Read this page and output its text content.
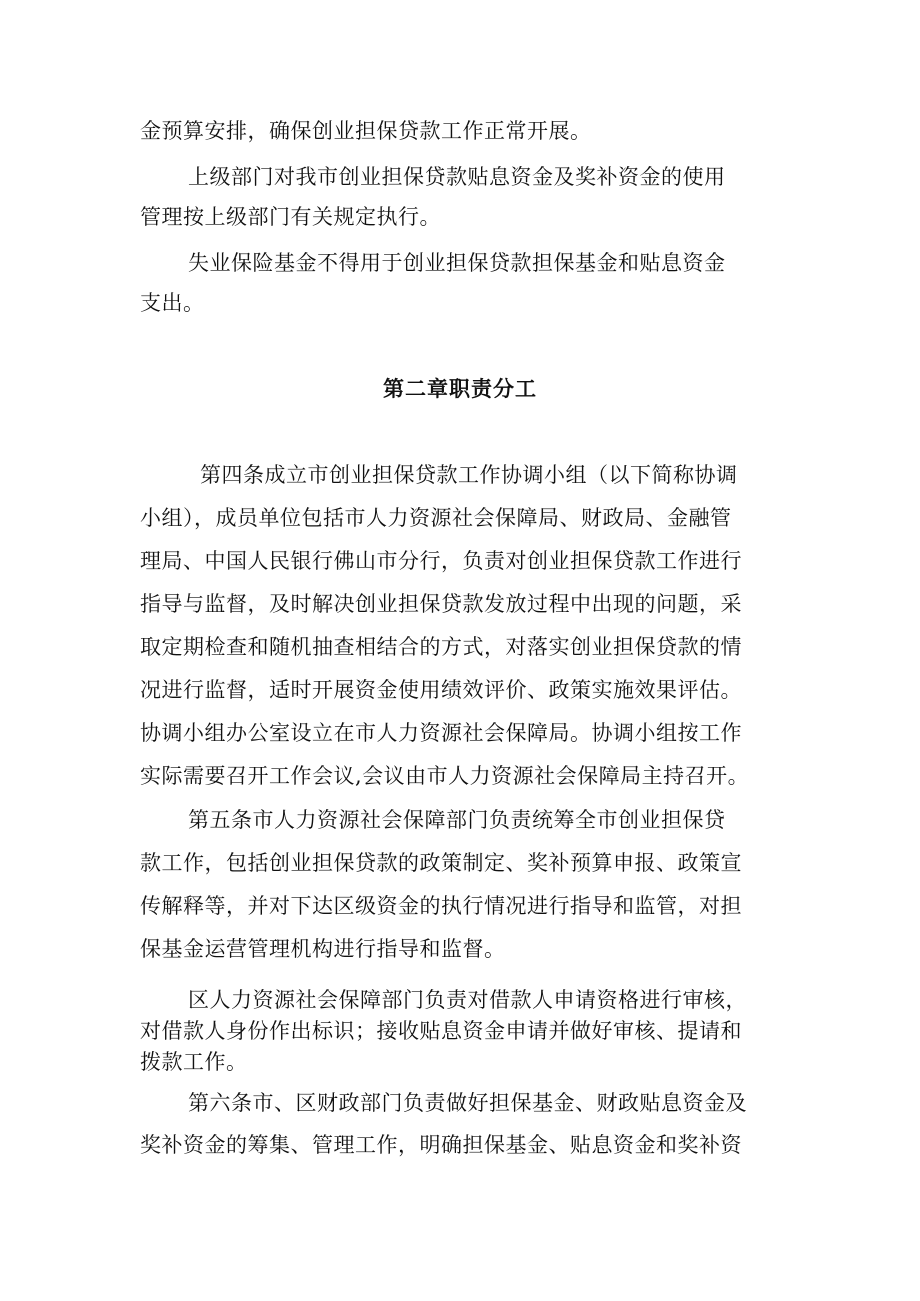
金预算安排，确保创业担保贷款工作正常开展。

上级部门对我市创业担保贷款贴息资金及奖补资金的使用

管理按上级部门有关规定执行。

失业保险基金不得用于创业担保贷款担保基金和贴息资金

支出。

第二章职责分工

第四条成立市创业担保贷款工作协调小组（以下简称协调

小组），成员单位包括市人力资源社会保障局、财政局、金融管

理局、中国人民银行佛山市分行，负责对创业担保贷款工作进行

指导与监督，及时解决创业担保贷款发放过程中出现的问题，采

取定期检查和随机抽查相结合的方式，对落实创业担保贷款的情

况进行监督，适时开展资金使用绩效评价、政策实施效果评估。

协调小组办公室设立在市人力资源社会保障局。协调小组按工作

实际需要召开工作会议,会议由市人力资源社会保障局主持召开。

第五条市人力资源社会保障部门负责统筹全市创业担保贷

款工作，包括创业担保贷款的政策制定、奖补预算申报、政策宣

传解释等，并对下达区级资金的执行情况进行指导和监管，对担

保基金运营管理机构进行指导和监督。

区人力资源社会保障部门负责对借款人申请资格进行审核，

对借款人身份作出标识；接收贴息资金申请并做好审核、提请和

拨款工作。

第六条市、区财政部门负责做好担保基金、财政贴息资金及

奖补资金的筹集、管理工作，明确担保基金、贴息资金和奖补资
